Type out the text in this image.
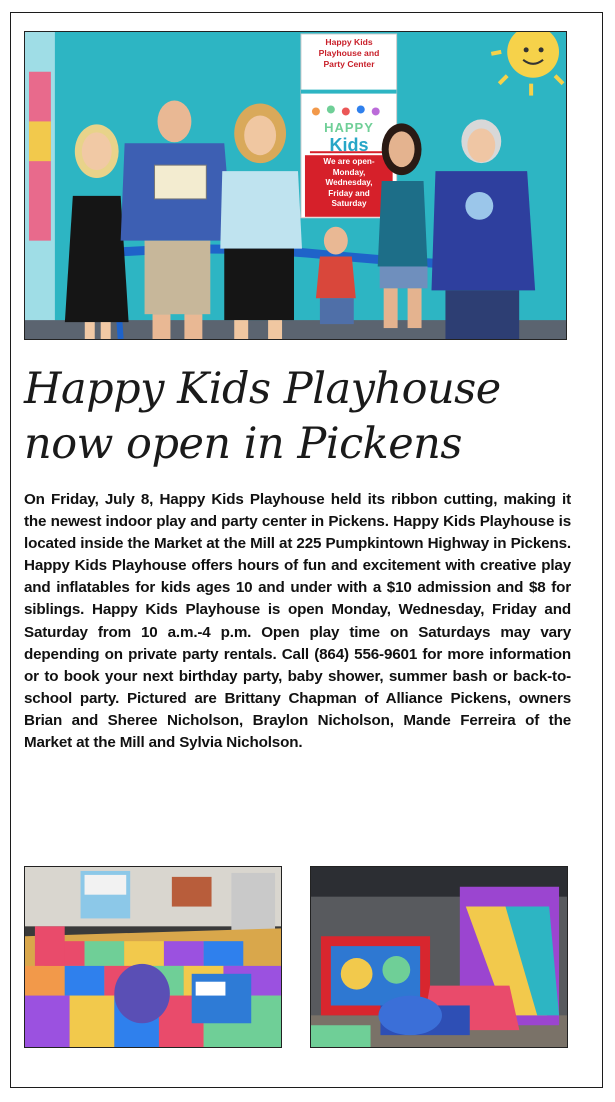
Happy Kids
Playhouse and
Party Center
HAPPY
Kids
We are open-
Monday,
Wednesday,
Friday and
Saturday
Happy Kids Playhouse
now open in Pickens

On Friday, July 8, Happy Kids Playhouse held its ribbon cutting, making it the newest indoor play and party center in Pickens. Happy Kids Playhouse is located inside the Market at the Mill at 225 Pumpkintown Highway in Pickens. Happy Kids Playhouse offers hours of fun and excitement with creative play and inflatables for kids ages 10 and under with a $10 admission and $8 for siblings. Happy Kids Playhouse is open Monday, Wednesday, Friday and Saturday from 10 a.m.-4 p.m. Open play time on Saturdays may vary depending on private party rentals. Call (864) 556-9601 for more information or to book your next birthday party, baby shower, summer bash or back-to-school party. Pictured are Brittany Chapman of Alliance Pickens, owners Brian and Sheree Nicholson, Braylon Nicholson, Mande Ferreira of the Market at the Mill and Sylvia Nicholson.
